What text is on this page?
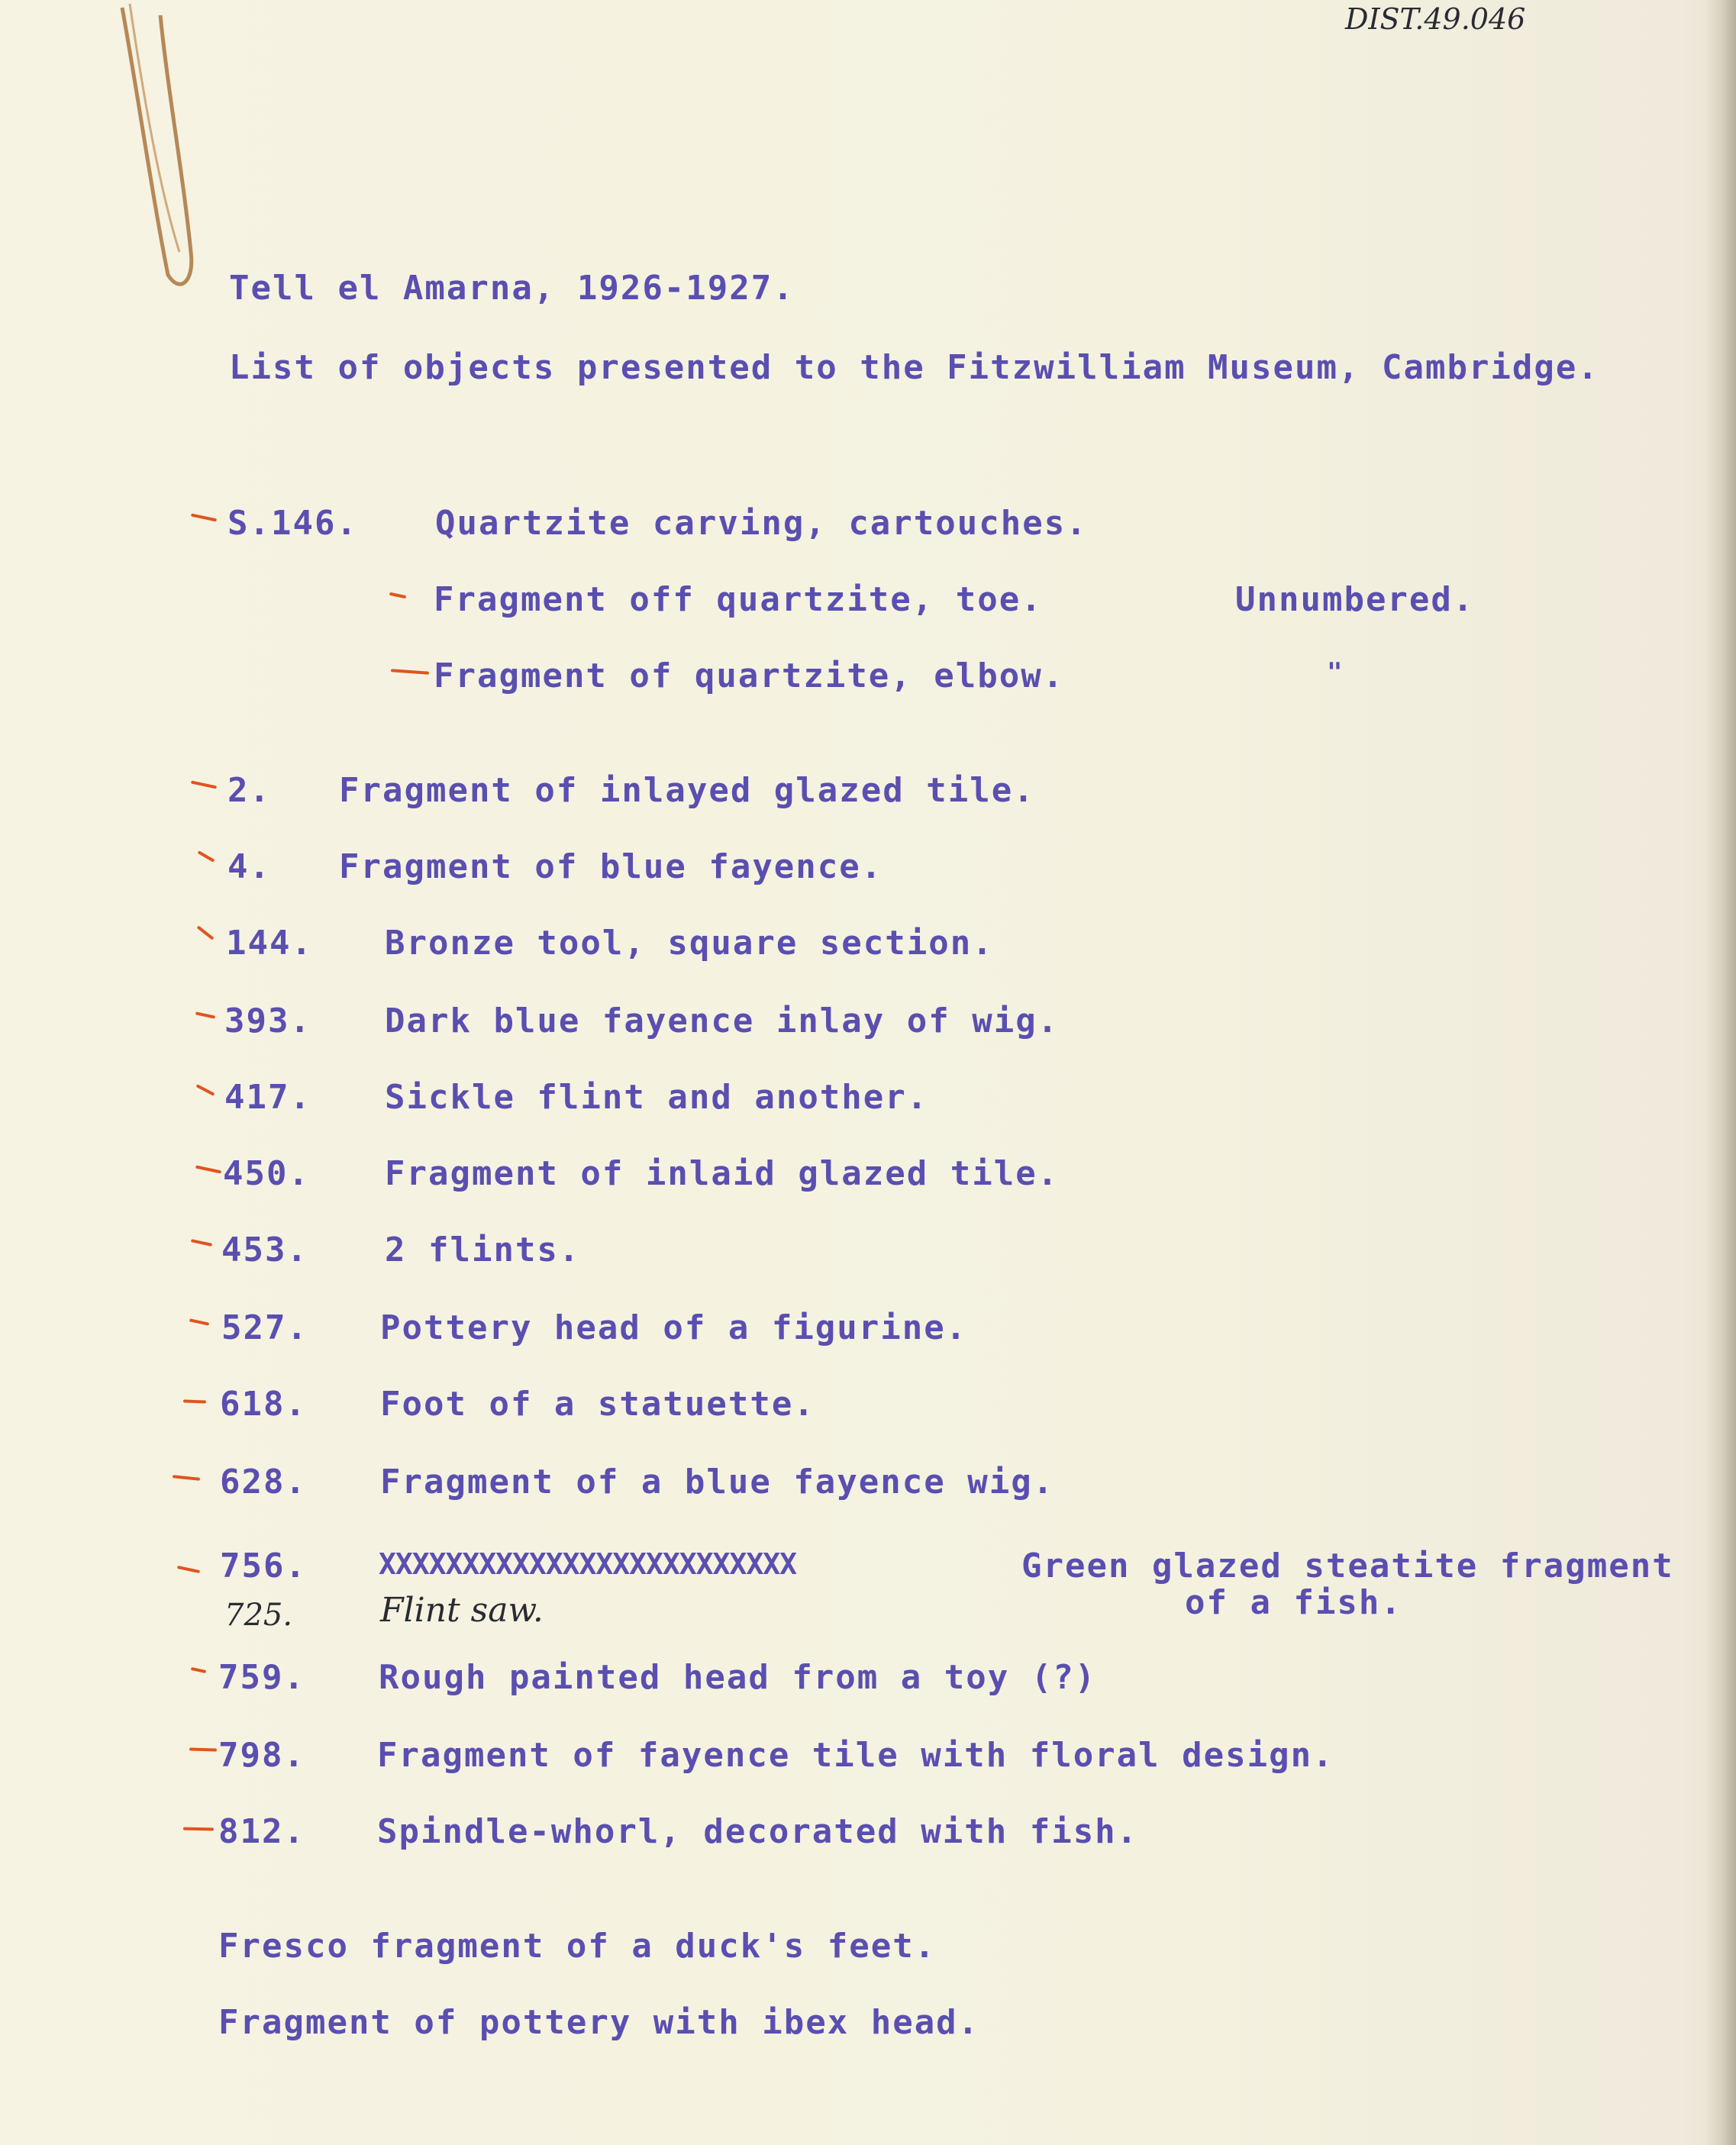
DIST.49.046
Tell el Amarna, 1926-1927.
List of objects presented to the Fitzwilliam Museum, Cambridge.
S.146. Quartzite carving, cartouches.
Fragment off quartzite, toe.	Unnumbered.
Fragment of quartzite, elbow.	"
2. Fragment of inlayed glazed tile.
4. Fragment of blue fayence.
144. Bronze tool, square section.
393. Dark blue fayence inlay of wig.
417. Sickle flint and another.
450. Fragment of inlaid glazed tile.
453. 2 flints.
527. Pottery head of a figurine.
618. Foot of a statuette.
628. Fragment of a blue fayence wig.
756. XXXXXXXXXXXXXXXXXXXXXXXXX	Green glazed steatite fragment
of a fish.
725.	Flint saw.
759. Rough painted head from a toy (?)
798. Fragment of fayence tile with floral design.
812. Spindle-whorl, decorated with fish.
Fresco fragment of a duck's feet.
Fragment of pottery with ibex head.
